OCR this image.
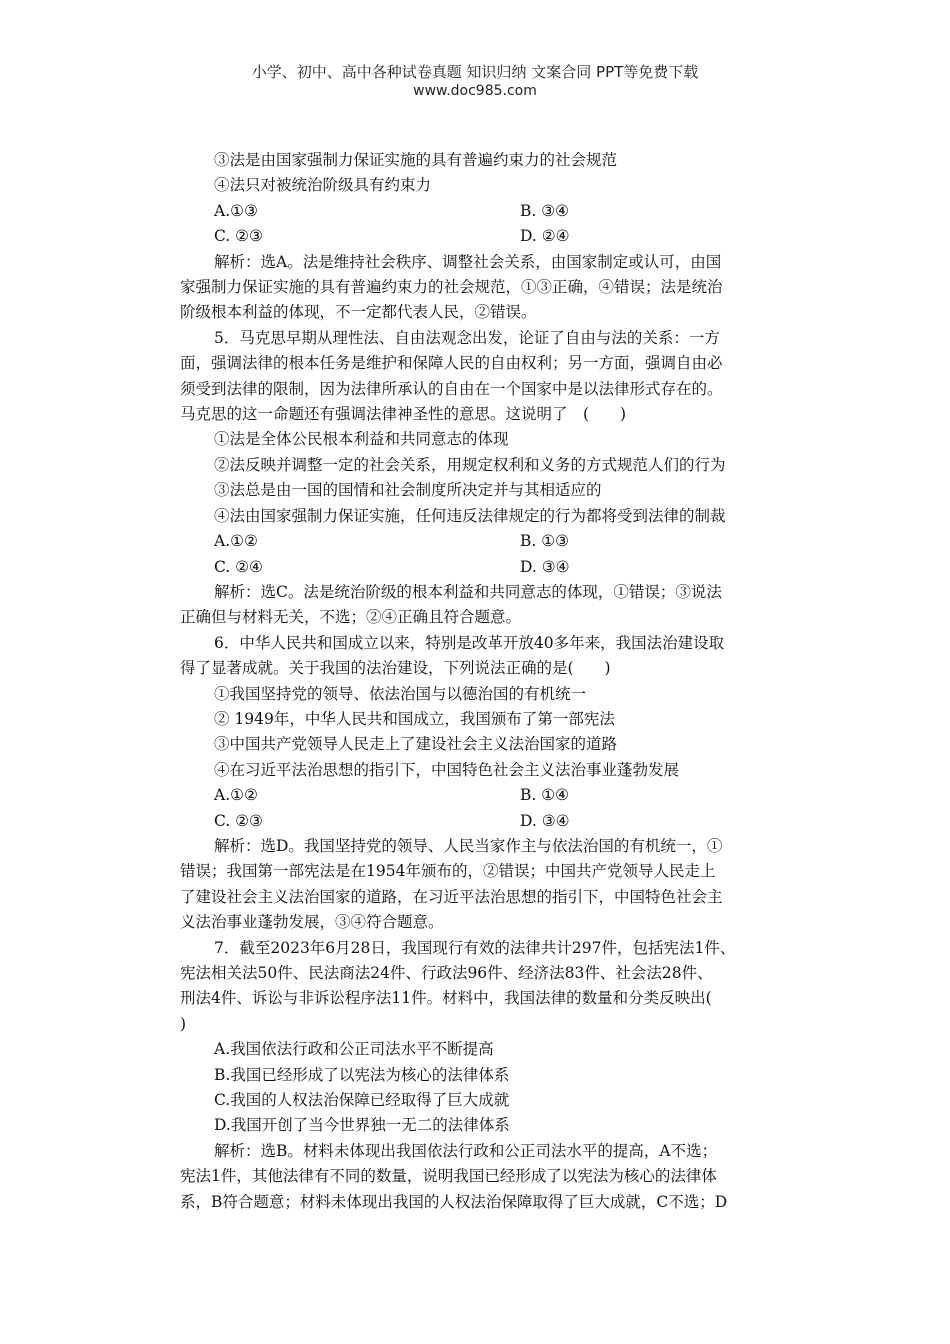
小学、初中、高中各种试卷真题 知识归纳 文案合同 PPT等免费下载
www.doc985.com

③法是由国家强制力保证实施的具有普遍约束力的社会规范

④法只对被统治阶级具有约束力

A.①③	B. ③④
C. ②③	D. ②④

解析：选A。法是维持社会秩序、调整社会关系，由国家制定或认可，由国

家强制力保证实施的具有普遍约束力的社会规范，①③正确，④错误；法是统治

阶级根本利益的体现，不一定都代表人民，②错误。

5．马克思早期从理性法、自由法观念出发，论证了自由与法的关系：一方

面，强调法律的根本任务是维护和保障人民的自由权利；另一方面，强调自由必

须受到法律的限制，因为法律所承认的自由在一个国家中是以法律形式存在的。

马克思的这一命题还有强调法律神圣性的意思。这说明了　(　　)

①法是全体公民根本利益和共同意志的体现

②法反映并调整一定的社会关系，用规定权利和义务的方式规范人们的行为

③法总是由一国的国情和社会制度所决定并与其相适应的

④法由国家强制力保证实施，任何违反法律规定的行为都将受到法律的制裁

A.①②	B. ①③
C. ②④	D. ③④

解析：选C。法是统治阶级的根本利益和共同意志的体现，①错误；③说法

正确但与材料无关，不选；②④正确且符合题意。

6．中华人民共和国成立以来，特别是改革开放40多年来，我国法治建设取

得了显著成就。关于我国的法治建设，下列说法正确的是(　　)

①我国坚持党的领导、依法治国与以德治国的有机统一

② 1949年，中华人民共和国成立，我国颁布了第一部宪法

③中国共产党领导人民走上了建设社会主义法治国家的道路

④在习近平法治思想的指引下，中国特色社会主义法治事业蓬勃发展

A.①②	B. ①④
C. ②③	D. ③④

解析：选D。我国坚持党的领导、人民当家作主与依法治国的有机统一，①

错误；我国第一部宪法是在1954年颁布的，②错误；中国共产党领导人民走上

了建设社会主义法治国家的道路，在习近平法治思想的指引下，中国特色社会主

义法治事业蓬勃发展，③④符合题意。

7．截至2023年6月28日，我国现行有效的法律共计297件，包括宪法1件、

宪法相关法50件、民法商法24件、行政法96件、经济法83件、社会法28件、

刑法4件、诉讼与非诉讼程序法11件。材料中，我国法律的数量和分类反映出(

)

A.我国依法行政和公正司法水平不断提高

B.我国已经形成了以宪法为核心的法律体系

C.我国的人权法治保障已经取得了巨大成就

D.我国开创了当今世界独一无二的法律体系

解析：选B。材料未体现出我国依法行政和公正司法水平的提高，A不选；

宪法1件，其他法律有不同的数量，说明我国已经形成了以宪法为核心的法律体

系，B符合题意；材料未体现出我国的人权法治保障取得了巨大成就，C不选；D
